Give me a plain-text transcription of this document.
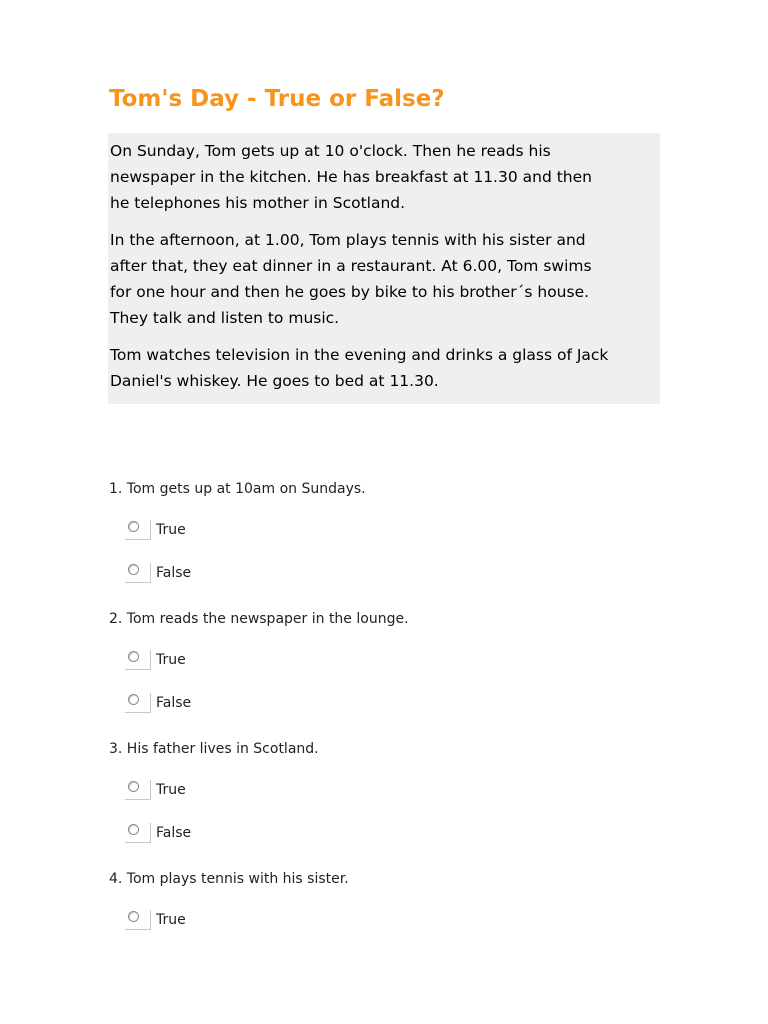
Tom's Day - True or False?

On Sunday, Tom gets up at 10 o'clock. Then he reads his
newspaper in the kitchen. He has breakfast at 11.30 and then
he telephones his mother in Scotland.

In the afternoon, at 1.00, Tom plays tennis with his sister and
after that, they eat dinner in a restaurant. At 6.00, Tom swims
for one hour and then he goes by bike to his brother´s house.
They talk and listen to music.

Tom watches television in the evening and drinks a glass of Jack
Daniel's whiskey. He goes to bed at 11.30.

1. Tom gets up at 10am on Sundays.

True
False

2. Tom reads the newspaper in the lounge.

True
False

3. His father lives in Scotland.

True
False

4. Tom plays tennis with his sister.

True
